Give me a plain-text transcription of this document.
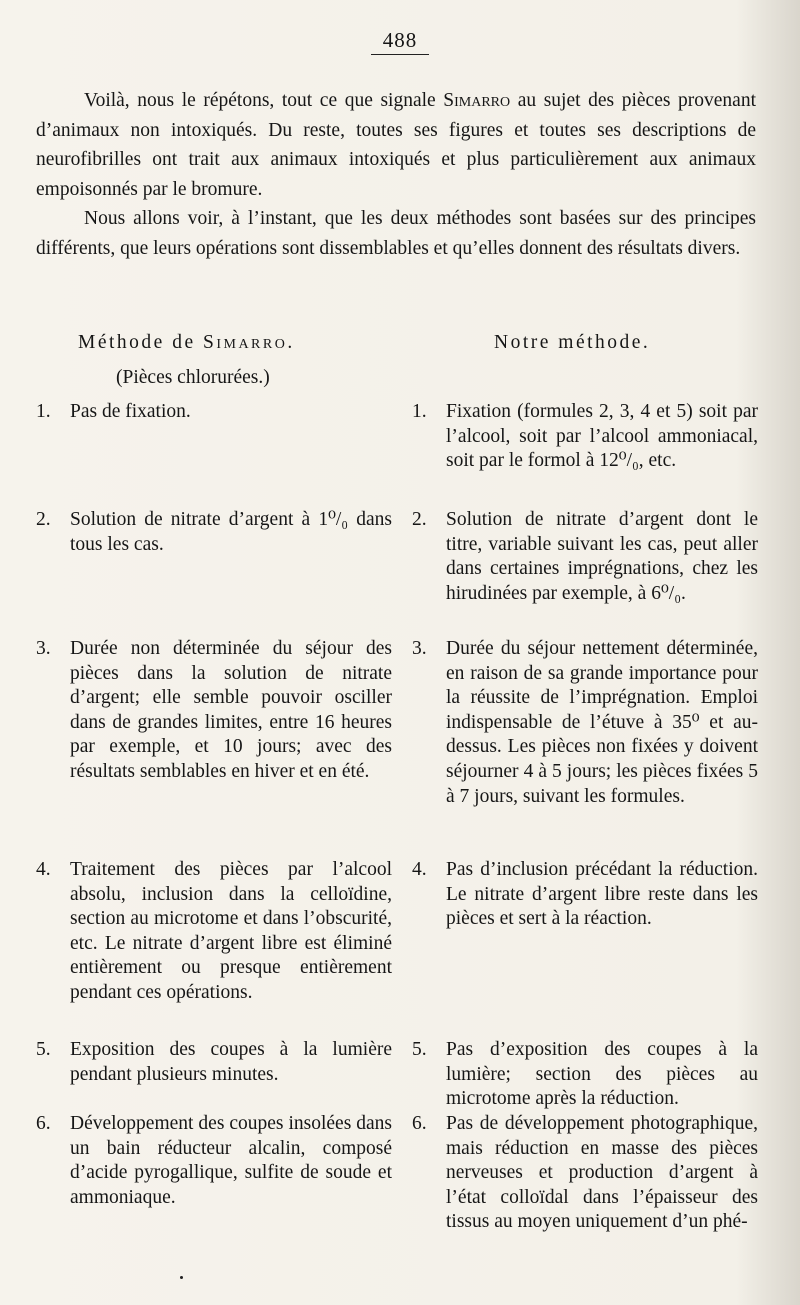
488

Voilà, nous le répétons, tout ce que signale Simarro au sujet des pièces provenant d’animaux non intoxiqués. Du reste, toutes ses figures et toutes ses descriptions de neurofibrilles ont trait aux animaux intoxiqués et plus particulièrement aux animaux empoisonnés par le bromure.

Nous allons voir, à l’instant, que les deux méthodes sont basées sur des principes différents, que leurs opérations sont dissemblables et qu’elles donnent des résultats divers.

Méthode de Simarro.	Notre méthode.
(Pièces chlorurées.)
1. Pas de fixation.
2. Solution de nitrate d’argent à 1⁰/₀ dans tous les cas.
3. Durée non déterminée du séjour des pièces dans la solution de nitrate d’argent; elle semble pouvoir osciller dans de grandes limites, entre 16 heures par exemple, et 10 jours; avec des résultats semblables en hiver et en été.
4. Traitement des pièces par l’alcool absolu, inclusion dans la celloïdine, section au microtome et dans l’obscurité, etc. Le nitrate d’argent libre est éliminé entièrement ou presque entièrement pendant ces opérations.
5. Exposition des coupes à la lumière pendant plusieurs minutes.
6. Développement des coupes insolées dans un bain réducteur alcalin, composé d’acide pyrogallique, sulfite de soude et ammoniaque.
1. Fixation (formules 2, 3, 4 et 5) soit par l’alcool, soit par l’alcool ammoniacal, soit par le formol à 12⁰/₀, etc.
2. Solution de nitrate d’argent dont le titre, variable suivant les cas, peut aller dans certaines imprégnations, chez les hirudinées par exemple, à 6⁰/₀.
3. Durée du séjour nettement déterminée, en raison de sa grande importance pour la réussite de l’imprégnation. Emploi indispensable de l’étuve à 35⁰ et au-dessus. Les pièces non fixées y doivent séjourner 4 à 5 jours; les pièces fixées 5 à 7 jours, suivant les formules.
4. Pas d’inclusion précédant la réduction. Le nitrate d’argent libre reste dans les pièces et sert à la réaction.
5. Pas d’exposition des coupes à la lumière; section des pièces au microtome après la réduction.
6. Pas de développement photographique, mais réduction en masse des pièces nerveuses et production d’argent à l’état colloïdal dans l’épaisseur des tissus au moyen uniquement d’un phé-
